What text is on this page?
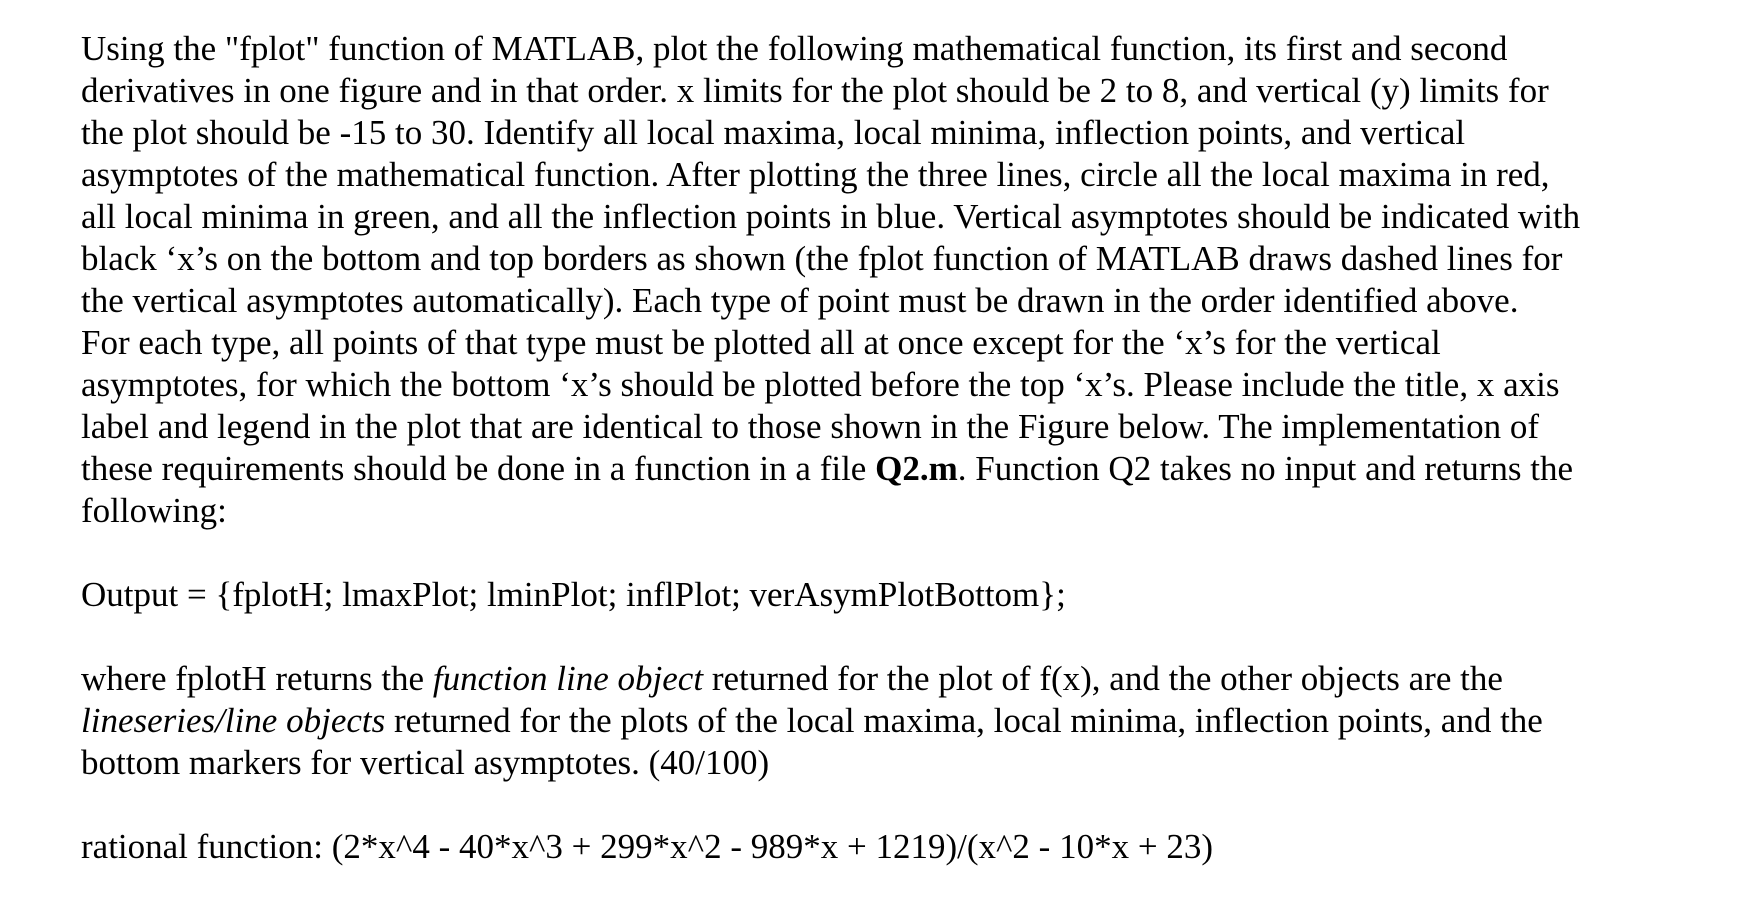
Using the "fplot" function of MATLAB, plot the following mathematical function, its first and second
derivatives in one figure and in that order. x limits for the plot should be 2 to 8, and vertical (y) limits for
the plot should be -15 to 30. Identify all local maxima, local minima, inflection points, and vertical
asymptotes of the mathematical function. After plotting the three lines, circle all the local maxima in red,
all local minima in green, and all the inflection points in blue. Vertical asymptotes should be indicated with
black ‘x’s on the bottom and top borders as shown (the fplot function of MATLAB draws dashed lines for
the vertical asymptotes automatically). Each type of point must be drawn in the order identified above.
For each type, all points of that type must be plotted all at once except for the ‘x’s for the vertical
asymptotes, for which the bottom ‘x’s should be plotted before the top ‘x’s. Please include the title, x axis
label and legend in the plot that are identical to those shown in the Figure below. The implementation of
these requirements should be done in a function in a file Q2.m. Function Q2 takes no input and returns the
following:
Output = {fplotH; lmaxPlot; lminPlot; inflPlot; verAsymPlotBottom};
where fplotH returns the function line object returned for the plot of f(x), and the other objects are the
lineseries/line objects returned for the plots of the local maxima, local minima, inflection points, and the
bottom markers for vertical asymptotes. (40/100)
rational function: (2*x^4 - 40*x^3 + 299*x^2 - 989*x + 1219)/(x^2 - 10*x + 23)
